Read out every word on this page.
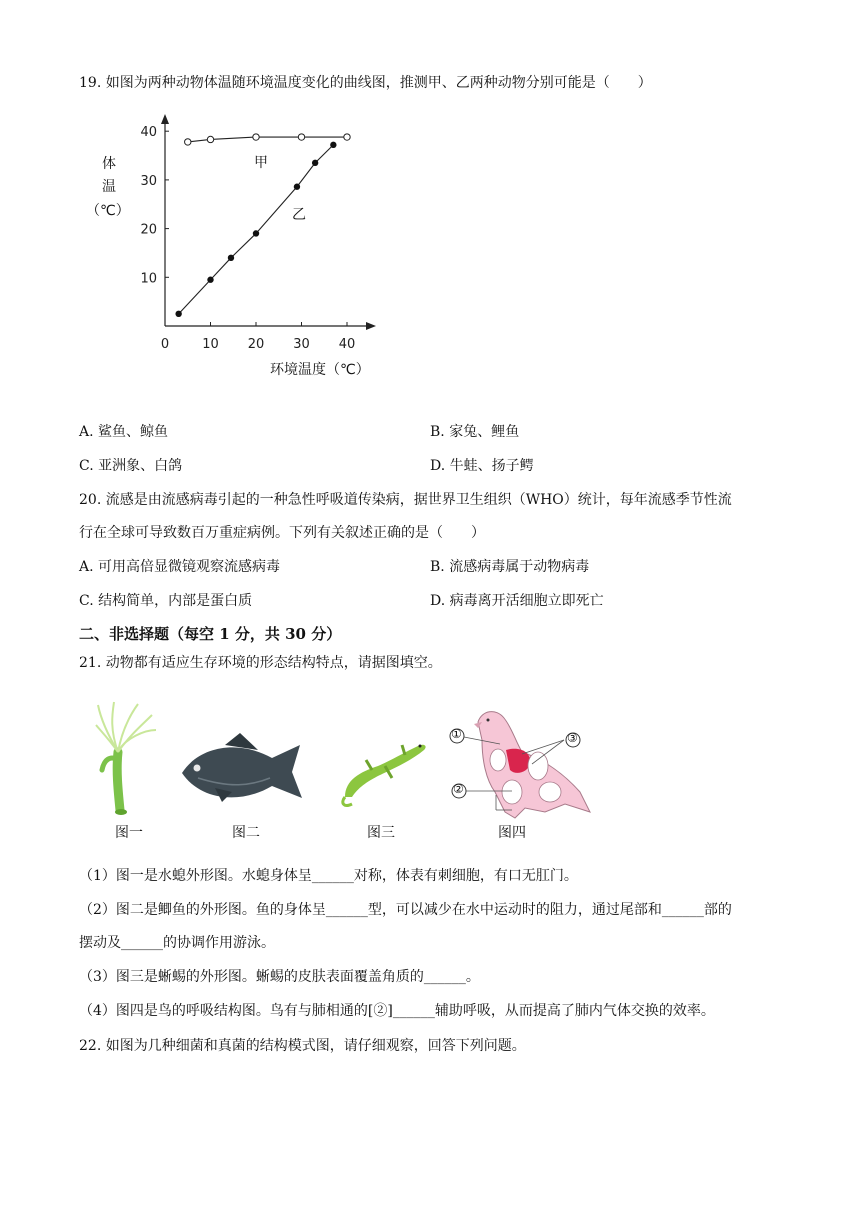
19. 如图为两种动物体温随环境温度变化的曲线图，推测甲、乙两种动物分别可能是（　　）
0	10 20 30 40
10
20
30
40
体
温
（℃）
环境温度（℃）
甲
乙
A. 鲨鱼、鲸鱼	B. 家兔、鲤鱼
C. 亚洲象、白鸽	D. 牛蛙、扬子鳄
20. 流感是由流感病毒引起的一种急性呼吸道传染病，据世界卫生组织（WHO）统计，每年流感季节性流
行在全球可导致数百万重症病例。下列有关叙述正确的是（　　）
A. 可用高倍显微镜观察流感病毒	B. 流感病毒属于动物病毒
C. 结构简单，内部是蛋白质	D. 病毒离开活细胞立即死亡
二、非选择题（每空 1 分，共 30 分）
21. 动物都有适应生存环境的形态结构特点，请据图填空。
①
②
③
图一	图二	图三	图四
（1）图一是水螅外形图。水螅身体呈______对称，体表有刺细胞，有口无肛门。
（2）图二是鲫鱼的外形图。鱼的身体呈______型，可以减少在水中运动时的阻力，通过尾部和______部的
摆动及______的协调作用游泳。
（3）图三是蜥蜴的外形图。蜥蜴的皮肤表面覆盖角质的______。
（4）图四是鸟的呼吸结构图。鸟有与肺相通的[②]______辅助呼吸，从而提高了肺内气体交换的效率。
22. 如图为几种细菌和真菌的结构模式图，请仔细观察，回答下列问题。
